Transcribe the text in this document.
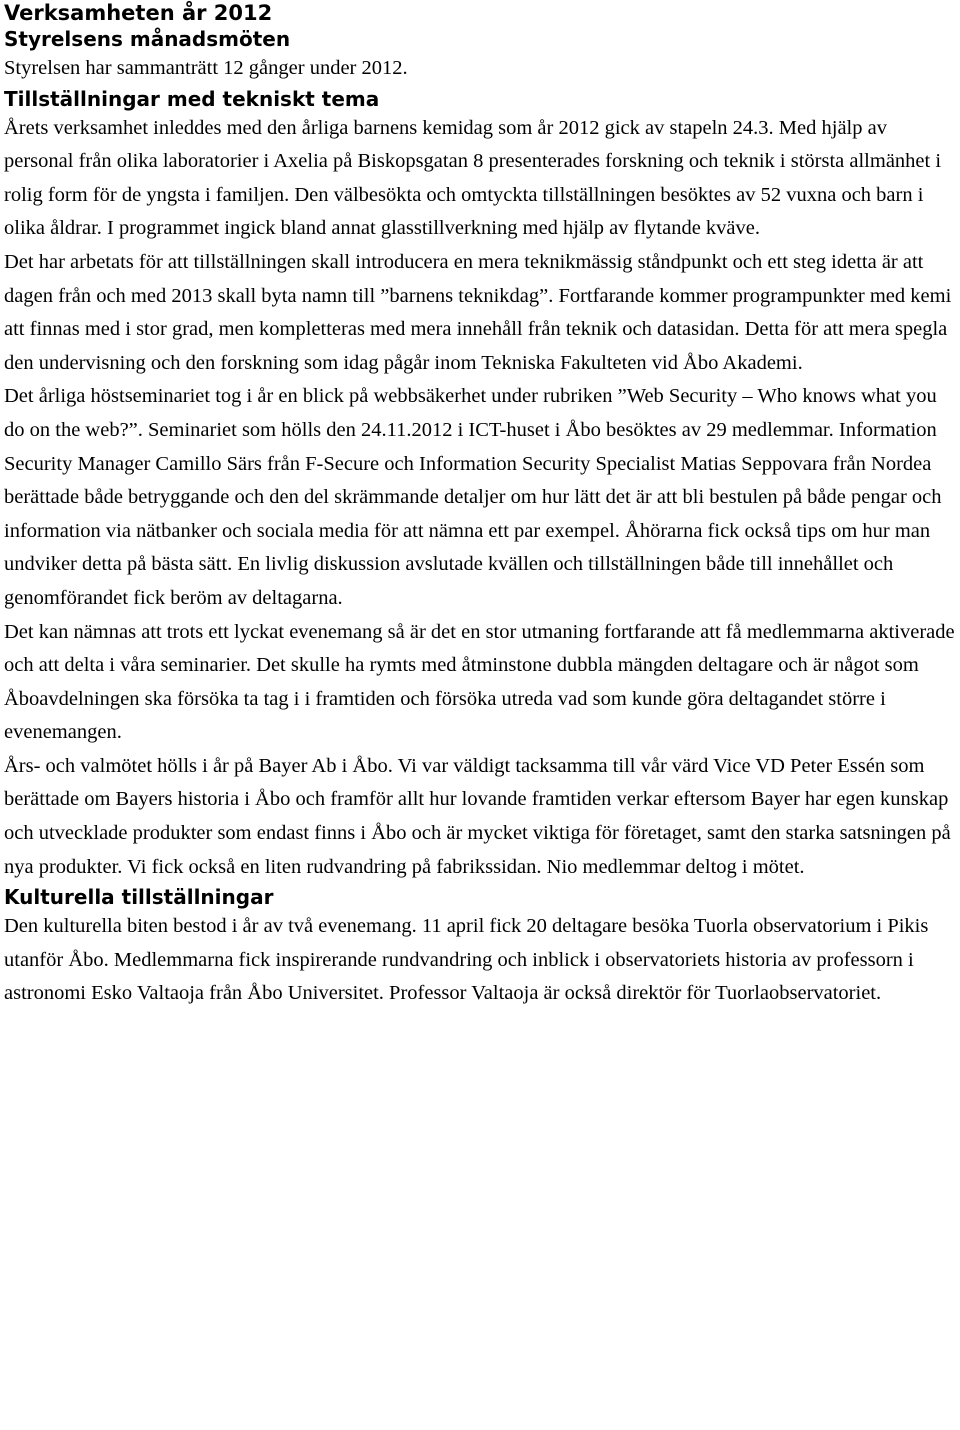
Verksamheten år 2012
Styrelsens månadsmöten

Styrelsen har sammanträtt 12 gånger under 2012.

Tillställningar med tekniskt tema

Årets verksamhet inleddes med den årliga barnens kemidag som år 2012 gick av stapeln 24.3. Med hjälp av personal från olika laboratorier i Axelia på Biskopsgatan 8 presenterades forskning och teknik i största allmänhet i rolig form för de yngsta i familjen. Den välbesökta och omtyckta tillställningen besöktes av 52 vuxna och barn i olika åldrar. I programmet ingick bland annat glasstillverkning med hjälp av flytande kväve.

Det har arbetats för att tillställningen skall introducera en mera teknikmässig ståndpunkt och ett steg idetta är att dagen från och med 2013 skall byta namn till ”barnens teknikdag”. Fortfarande kommer programpunkter med kemi att finnas med i stor grad, men kompletteras med mera innehåll från teknik och datasidan. Detta för att mera spegla den undervisning och den forskning som idag pågår inom Tekniska Fakulteten vid Åbo Akademi.

Det årliga höstseminariet tog i år en blick på webbsäkerhet under rubriken ”Web Security – Who knows what you do on the web?”. Seminariet som hölls den 24.11.2012 i ICT-huset i Åbo besöktes av 29 medlemmar. Information Security Manager Camillo Särs från F-Secure och Information Security Specialist Matias Seppovara från Nordea berättade både betryggande och den del skrämmande detaljer om hur lätt det är att bli bestulen på både pengar och information via nätbanker och sociala media för att nämna ett par exempel. Åhörarna fick också tips om hur man undviker detta på bästa sätt. En livlig diskussion avslutade kvällen och tillställningen både till innehållet och genomförandet fick beröm av deltagarna.

Det kan nämnas att trots ett lyckat evenemang så är det en stor utmaning fortfarande att få medlemmarna aktiverade och att delta i våra seminarier. Det skulle ha rymts med åtminstone dubbla mängden deltagare och är något som Åboavdelningen ska försöka ta tag i i framtiden och försöka utreda vad som kunde göra deltagandet större i evenemangen.

Års- och valmötet hölls i år på Bayer Ab i Åbo. Vi var väldigt tacksamma till vår värd Vice VD Peter Essén som berättade om Bayers historia i Åbo och framför allt hur lovande framtiden verkar eftersom Bayer har egen kunskap och utvecklade produkter som endast finns i Åbo och är mycket viktiga för företaget, samt den starka satsningen på nya produkter. Vi fick också en liten rudvandring på fabrikssidan. Nio medlemmar deltog i mötet.

Kulturella tillställningar

Den kulturella biten bestod i år av två evenemang. 11 april fick 20 deltagare besöka Tuorla observatorium i Pikis utanför Åbo. Medlemmarna fick inspirerande rundvandring och inblick i observatoriets historia av professorn i astronomi Esko Valtaoja från Åbo Universitet. Professor Valtaoja är också direktör för Tuorlaobservatoriet.
